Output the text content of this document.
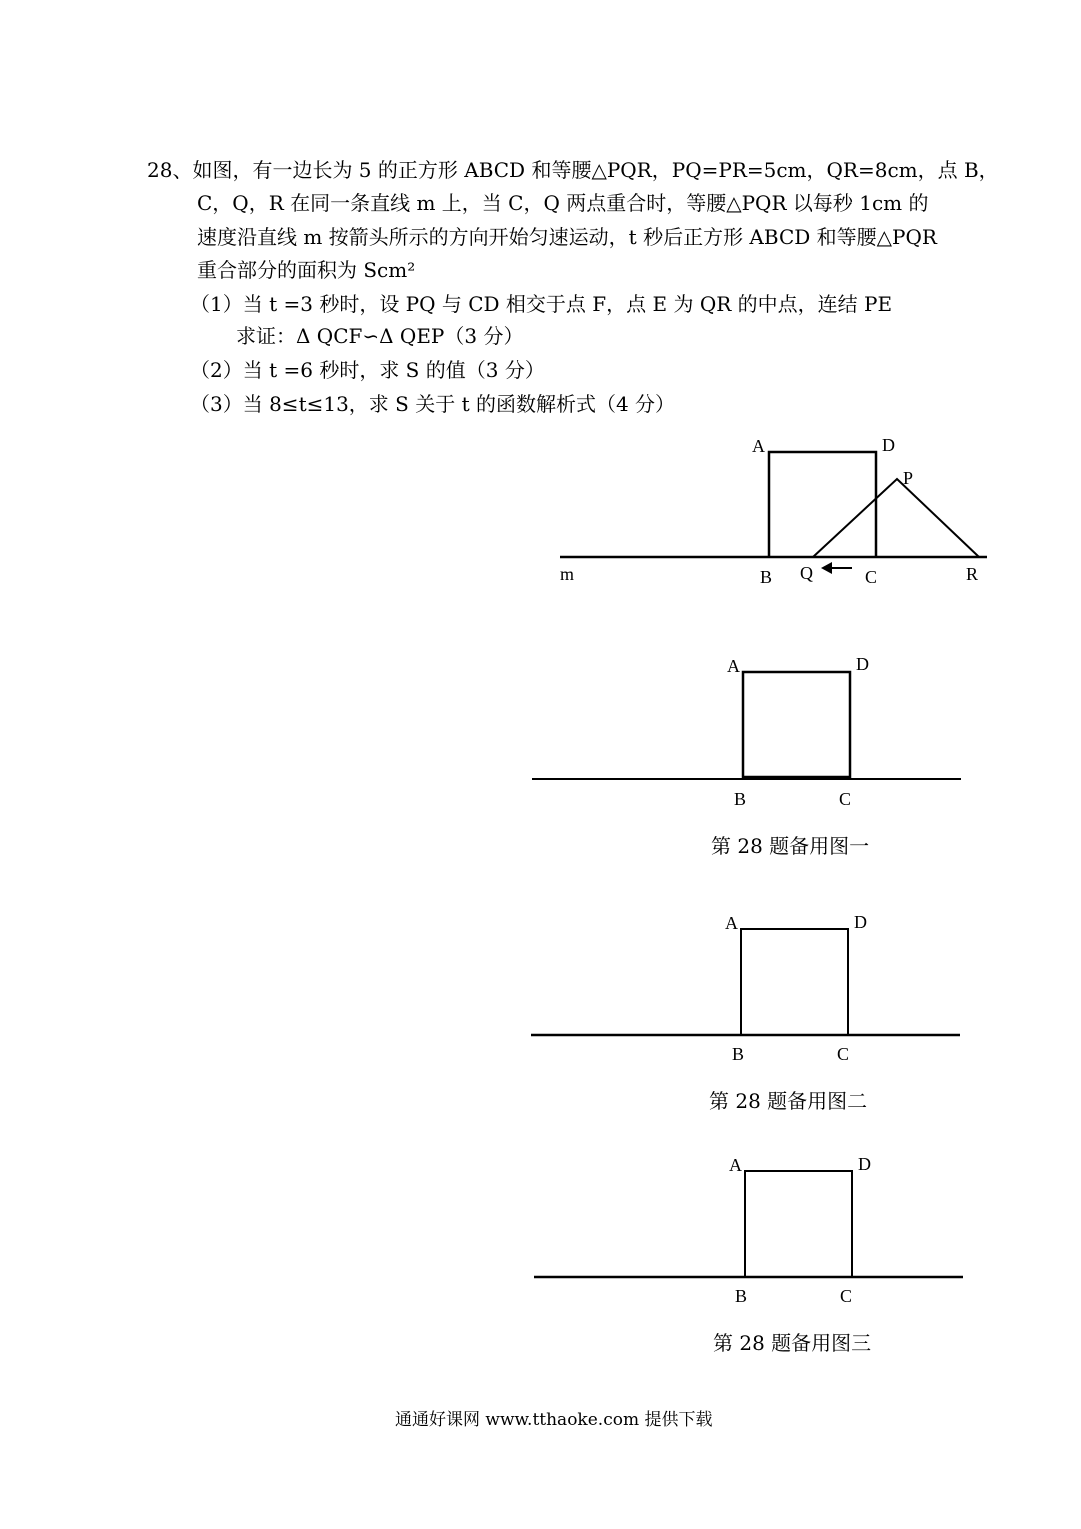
28、如图，有一边长为 5 的正方形 ABCD 和等腰△PQR，PQ=PR=5cm，QR=8cm，点 B，
C，Q，R 在同一条直线 m 上，当 C，Q 两点重合时，等腰△PQR 以每秒 1cm 的
速度沿直线 m 按箭头所示的方向开始匀速运动，t 秒后正方形 ABCD 和等腰△PQR
重合部分的面积为 Scm²
（1）当 t =3 秒时，设 PQ 与 CD 相交于点 F，点 E 为 QR 的中点，连结 PE
求证：Δ QCF∽Δ QEP（3 分）
（2）当 t =6 秒时，求 S 的值（3 分）
（3）当 8≤t≤13，求 S 关于 t 的函数解析式（4 分）
A	D
P
m	B Q	C	R
A	D
B	C
A	D
B	C
A	D
B	C
第 28 题备用图一
第 28 题备用图二
第 28 题备用图三
通通好课网 www.tthaoke.com 提供下载
